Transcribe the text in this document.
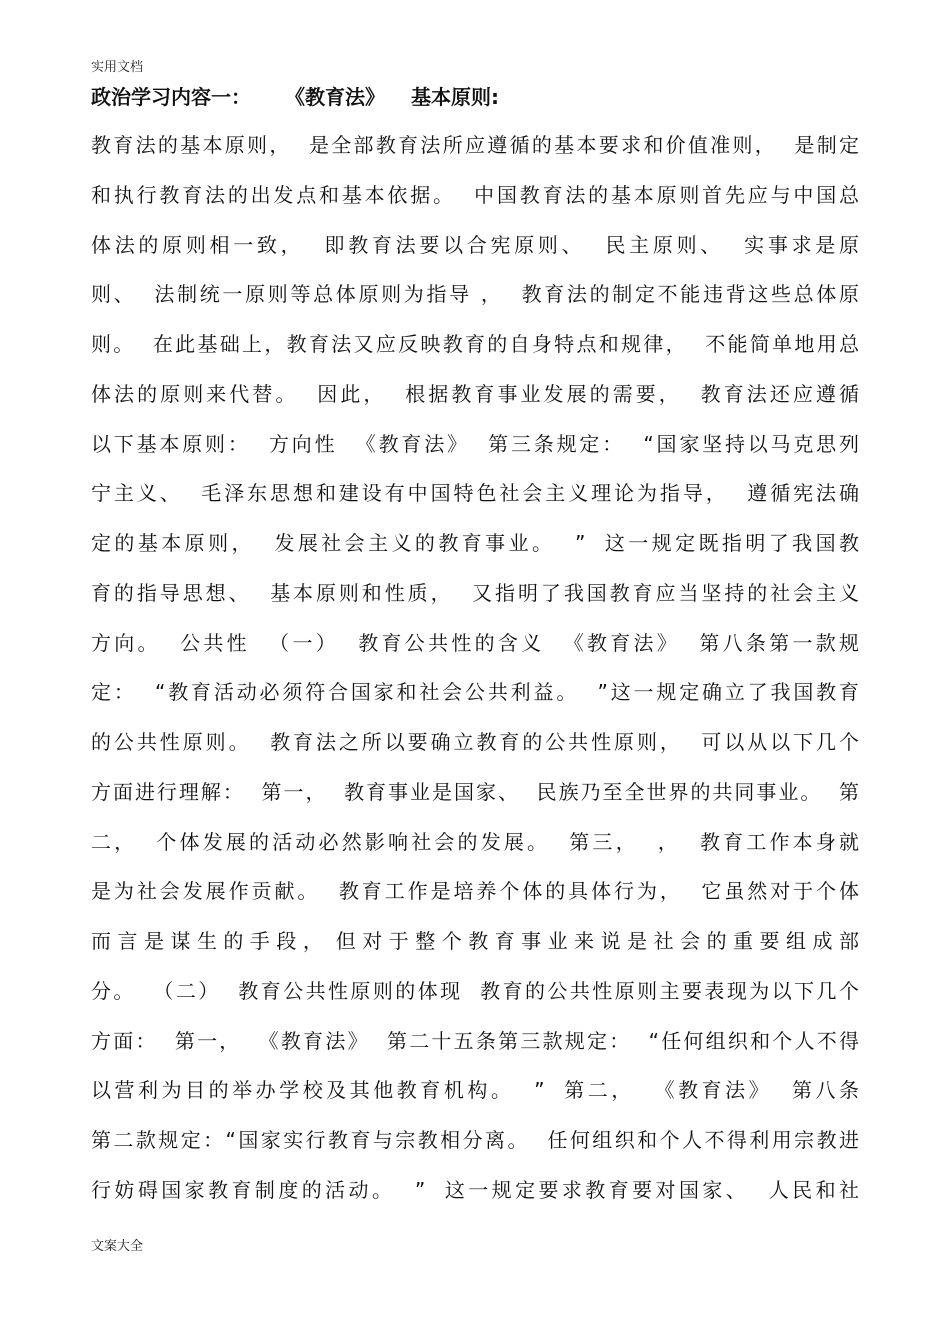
实用文档
政治学习内容一： 《教育法》 基本原则:
教育法的基本原则，  是全部教育法所应遵循的基本要求和价值准则，  是制定
和执行教育法的出发点和基本依据。  中国教育法的基本原则首先应与中国总
体法的原则相一致，  即教育法要以合宪原则、  民主原则、  实事求是原
则、  法制统一原则等总体原则为指导 ，  教育法的制定不能违背这些总体原
则。  在此基础上，教育法又应反映教育的自身特点和规律，  不能简单地用总
体法的原则来代替。  因此，  根据教育事业发展的需要，  教育法还应遵循
以下基本原则：  方向性  《教育法》  第三条规定：  “国家坚持以马克思列
宁主义、  毛泽东思想和建设有中国特色社会主义理论为指导，  遵循宪法确
定的基本原则，  发展社会主义的教育事业。  ”  这一规定既指明了我国教
育的指导思想、  基本原则和性质，  又指明了我国教育应当坚持的社会主义
方向。  公共性  （一）  教育公共性的含义  《教育法》  第八条第一款规
定：  “教育活动必须符合国家和社会公共利益。  ”这一规定确立了我国教育
的公共性原则。  教育法之所以要确立教育的公共性原则，  可以从以下几个
方面进行理解：  第一，  教育事业是国家、  民族乃至全世界的共同事业。  第
二，  个体发展的活动必然影响社会的发展。  第三，  ，  教育工作本身就
是为社会发展作贡献。  教育工作是培养个体的具体行为，  它虽然对于个体
而 言 是 谋 生 的 手 段 ，  但 对 于 整 个 教 育 事 业 来 说 是 社 会 的 重 要 组 成 部
分。  （二）  教育公共性原则的体现  教育的公共性原则主要表现为以下几个
方面：  第一，  《教育法》  第二十五条第三款规定：  “任何组织和个人不得
以营利为目的举办学校及其他教育机构。  ”  第二，  《教育法》  第八条
第二款规定：“国家实行教育与宗教相分离。  任何组织和个人不得利用宗教进
行妨碍国家教育制度的活动。  ”  这一规定要求教育要对国家、  人民和社
文案大全
